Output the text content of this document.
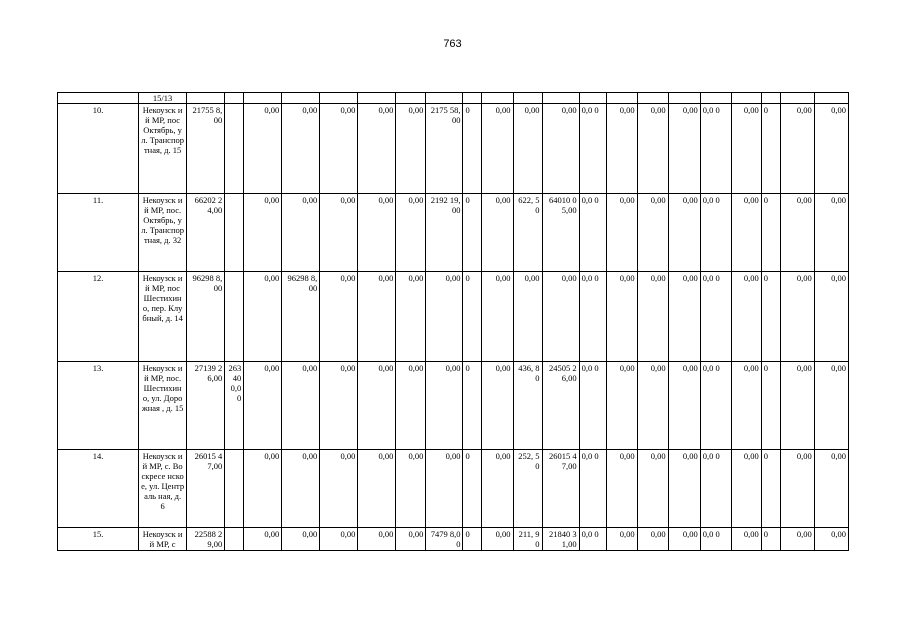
763
	15/13																					
10.	Некоузск ий МР, пос Октябрь, ул. Транспор тная, д. 15	21755 8,00		0,00	0,00	0,00	0,00	0,00	2175 58,00	0	0,00	0,00	0,00	0,0 0	0,00	0,00	0,00	0,0 0	0,00	0	0,00	0,00
11.	Некоузск ий МР, пос. Октябрь, ул. Транспор тная, д. 32	66202 24,00		0,00	0,00	0,00	0,00	0,00	2192 19,00	0	0,00	622, 50	64010 05,00	0,0 0	0,00	0,00	0,00	0,0 0	0,00	0	0,00	0,00
12.	Некоузск ий МР, пос Шестихин о, пер. Клубный, д. 14	96298 8,00		0,00	96298 8,00	0,00	0,00	0,00	0,00	0	0,00	0,00	0,00	0,0 0	0,00	0,00	0,00	0,0 0	0,00	0	0,00	0,00
13.	Некоузск ий МР, пос. Шестихин о, ул. Дорожная , д. 15	27139 26,00	26340 0,00	0,00	0,00	0,00	0,00	0,00	0,00	0	0,00	436, 80	24505 26,00	0,0 0	0,00	0,00	0,00	0,0 0	0,00	0	0,00	0,00
14.	Некоузск ий МР, с. Воскресе нское, ул. Централь ная, д. 6	26015 47,00		0,00	0,00	0,00	0,00	0,00	0,00	0	0,00	252, 50	26015 47,00	0,0 0	0,00	0,00	0,00	0,0 0	0,00	0	0,00	0,00
15.	Некоузск ий МР, с	22588 29,00		0,00	0,00	0,00	0,00	0,00	7479 8,00	0	0,00	211, 90	21840 31,00	0,0 0	0,00	0,00	0,00	0,0 0	0,00	0	0,00	0,00
